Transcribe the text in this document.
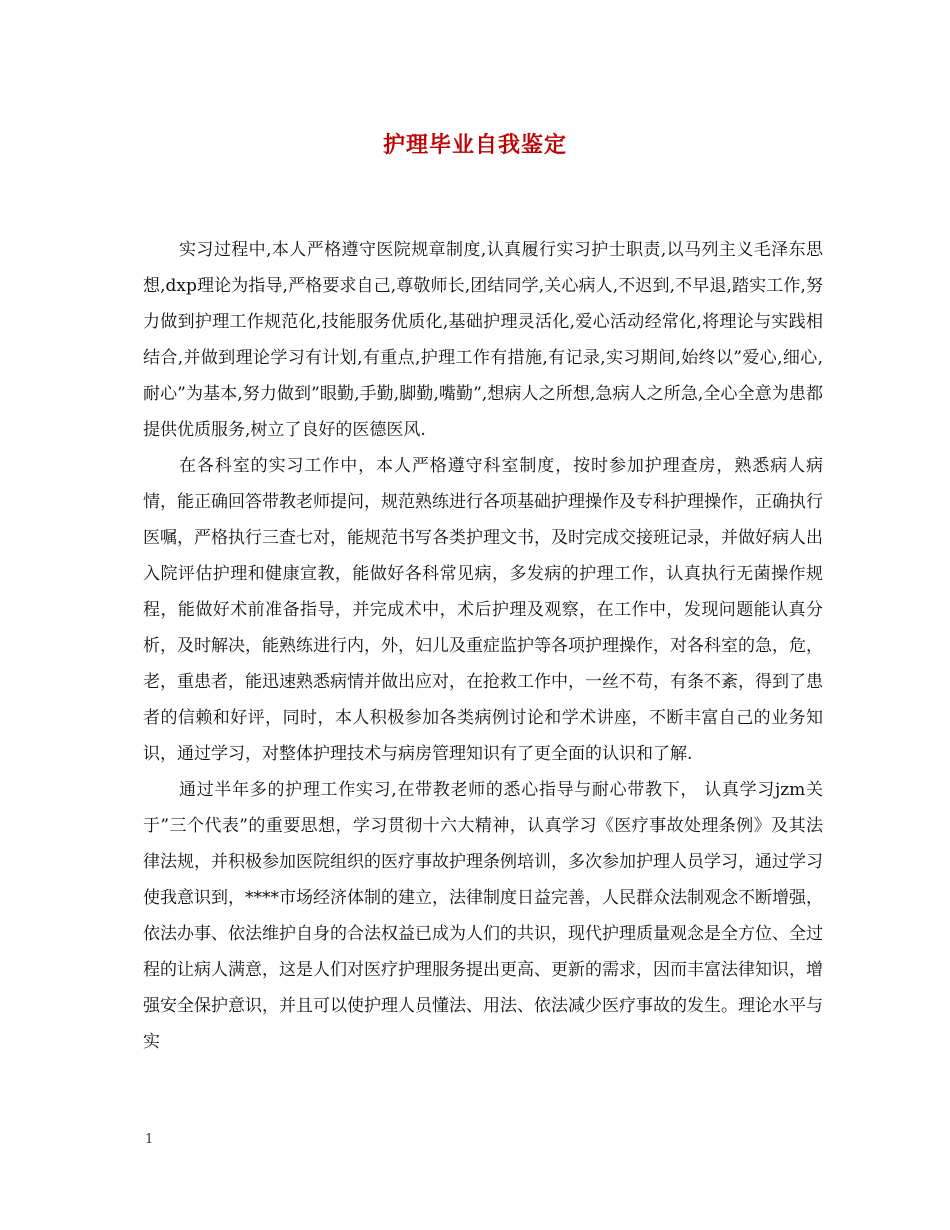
护理毕业自我鉴定

实习过程中,本人严格遵守医院规章制度,认真履行实习护士职责,以马列主义毛泽东思想,dxp理论为指导,严格要求自己,尊敬师长,团结同学,关心病人,不迟到,不早退,踏实工作,努力做到护理工作规范化,技能服务优质化,基础护理灵活化,爱心活动经常化,将理论与实践相结合,并做到理论学习有计划,有重点,护理工作有措施,有记录,实习期间,始终以”爱心,细心,耐心”为基本,努力做到”眼勤,手勤,脚勤,嘴勤”,想病人之所想,急病人之所急,全心全意为患都提供优质服务,树立了良好的医德医风.

在各科室的实习工作中，本人严格遵守科室制度，按时参加护理查房，熟悉病人病情，能正确回答带教老师提问，规范熟练进行各项基础护理操作及专科护理操作，正确执行医嘱，严格执行三查七对，能规范书写各类护理文书，及时完成交接班记录，并做好病人出入院评估护理和健康宣教，能做好各科常见病，多发病的护理工作，认真执行无菌操作规程，能做好术前准备指导，并完成术中，术后护理及观察，在工作中，发现问题能认真分析，及时解决，能熟练进行内，外，妇儿及重症监护等各项护理操作，对各科室的急，危，老，重患者，能迅速熟悉病情并做出应对，在抢救工作中，一丝不苟，有条不紊，得到了患者的信赖和好评，同时，本人积极参加各类病例讨论和学术讲座，不断丰富自己的业务知识，通过学习，对整体护理技术与病房管理知识有了更全面的认识和了解.

通过半年多的护理工作实习,在带教老师的悉心指导与耐心带教下， 认真学习jzm关于”三个代表”的重要思想，学习贯彻十六大精神，认真学习《医疗事故处理条例》及其法律法规，并积极参加医院组织的医疗事故护理条例培训，多次参加护理人员学习，通过学习使我意识到，****市场经济体制的建立，法律制度日益完善，人民群众法制观念不断增强，依法办事、依法维护自身的合法权益已成为人们的共识，现代护理质量观念是全方位、全过程的让病人满意，这是人们对医疗护理服务提出更高、更新的需求，因而丰富法律知识，增强安全保护意识，并且可以使护理人员懂法、用法、依法减少医疗事故的发生。理论水平与实

1
